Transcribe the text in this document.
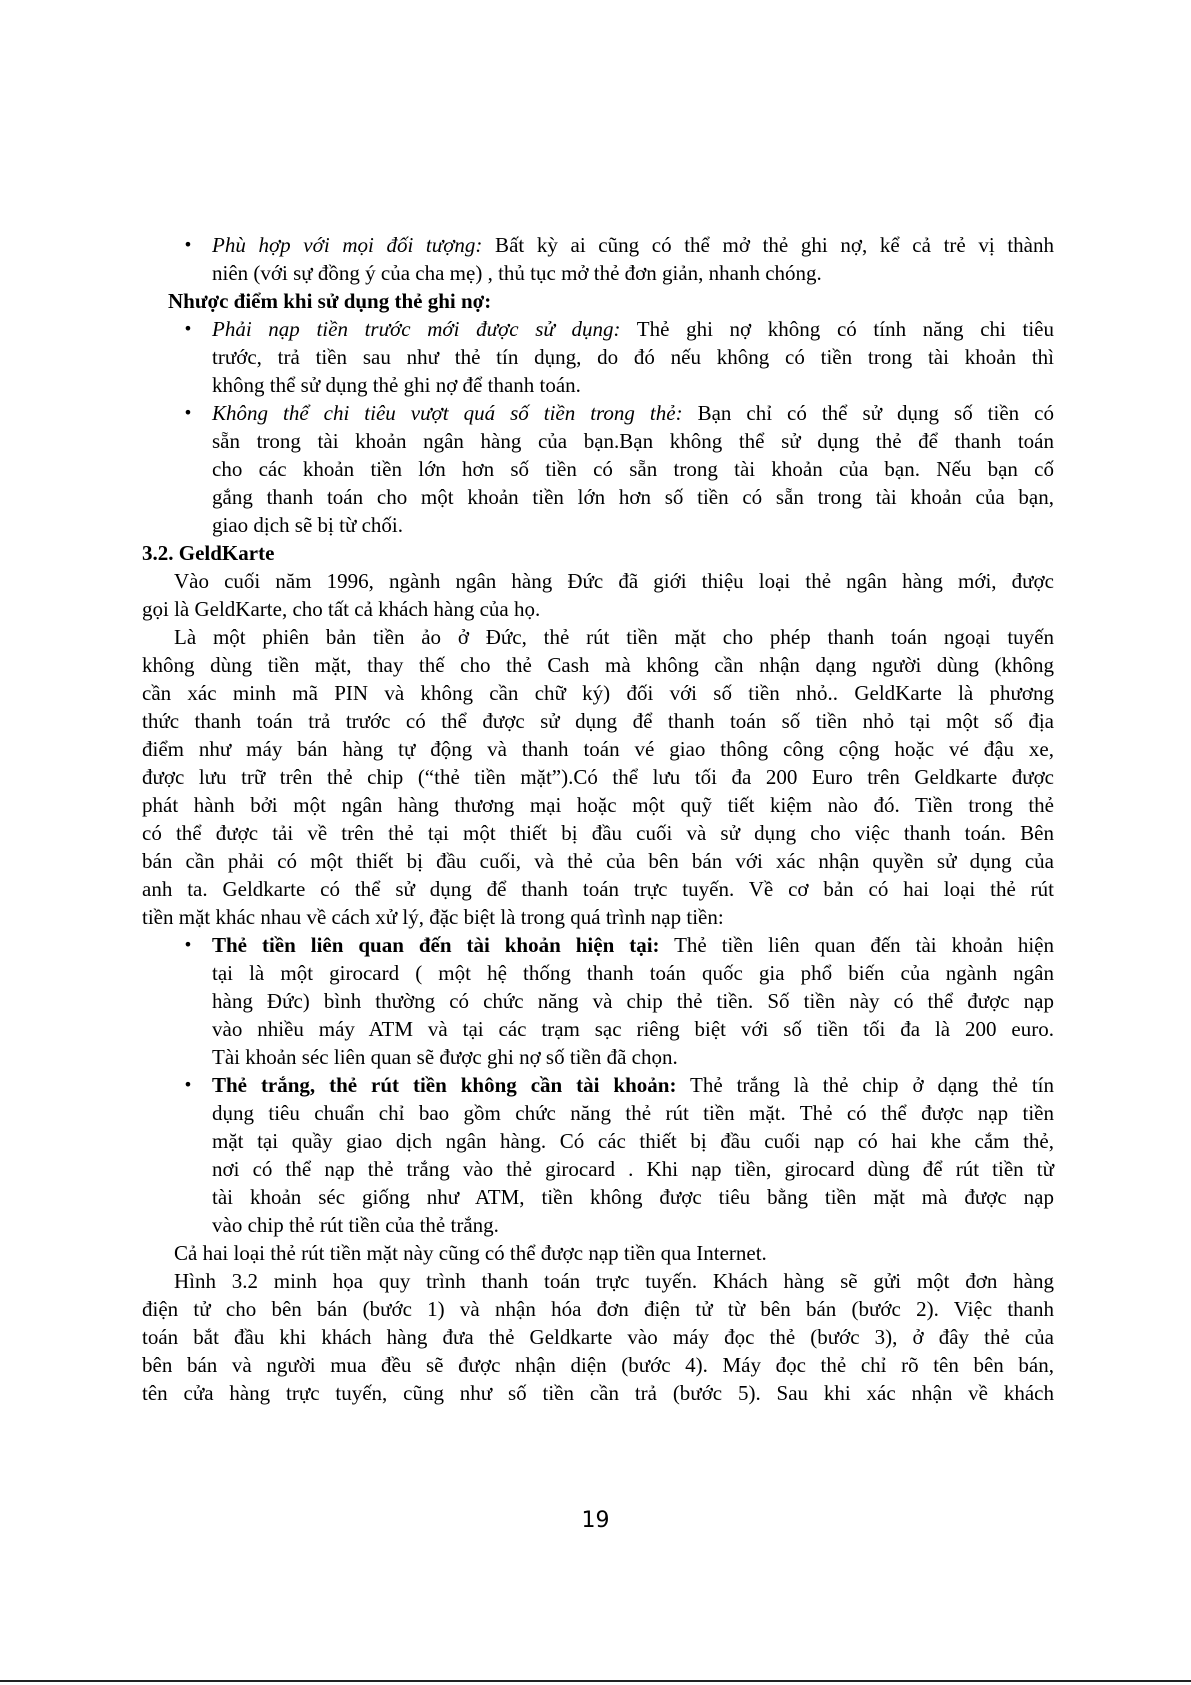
• Phù hợp với mọi đối tượng: Bất kỳ ai cũng có thể mở thẻ ghi nợ, kể cả trẻ vị thành

niên (với sự đồng ý của cha mẹ) , thủ tục mở thẻ đơn giản, nhanh chóng.

Nhược điểm khi sử dụng thẻ ghi nợ:

• Phải nạp tiền trước mới được sử dụng: Thẻ ghi nợ không có tính năng chi tiêu

trước, trả tiền sau như thẻ tín dụng, do đó nếu không có tiền trong tài khoản thì

không thể sử dụng thẻ ghi nợ để thanh toán.

• Không thể chi tiêu vượt quá số tiền trong thẻ: Bạn chỉ có thể sử dụng số tiền có

sẵn trong tài khoản ngân hàng của bạn.Bạn không thể sử dụng thẻ để thanh toán

cho các khoản tiền lớn hơn số tiền có sẵn trong tài khoản của bạn. Nếu bạn cố

gắng thanh toán cho một khoản tiền lớn hơn số tiền có sẵn trong tài khoản của bạn,

giao dịch sẽ bị từ chối.

3.2. GeldKarte

Vào cuối năm 1996, ngành ngân hàng Đức đã giới thiệu loại thẻ ngân hàng mới, được

gọi là GeldKarte, cho tất cả khách hàng của họ.

Là một phiên bản tiền ảo ở Đức, thẻ rút tiền mặt cho phép thanh toán ngoại tuyến

không dùng tiền mặt, thay thế cho thẻ Cash mà không cần nhận dạng người dùng (không

cần xác minh mã PIN và không cần chữ ký) đối với số tiền nhỏ.. GeldKarte là phương

thức thanh toán trả trước có thể được sử dụng để thanh toán số tiền nhỏ tại một số địa

điểm như máy bán hàng tự động và thanh toán vé giao thông công cộng hoặc vé đậu xe,

được lưu trữ trên thẻ chip (“thẻ tiền mặt”).Có thể lưu tối đa 200 Euro trên Geldkarte được

phát hành bởi một ngân hàng thương mại hoặc một quỹ tiết kiệm nào đó. Tiền trong thẻ

có thể được tải về trên thẻ tại một thiết bị đầu cuối và sử dụng cho việc thanh toán. Bên

bán cần phải có một thiết bị đầu cuối, và thẻ của bên bán với xác nhận quyền sử dụng của

anh ta. Geldkarte có thể sử dụng để thanh toán trực tuyến. Về cơ bản có hai loại thẻ rút

tiền mặt khác nhau về cách xử lý, đặc biệt là trong quá trình nạp tiền:

• Thẻ tiền liên quan đến tài khoản hiện tại: Thẻ tiền liên quan đến tài khoản hiện

tại là một girocard ( một hệ thống thanh toán quốc gia phổ biến của ngành ngân

hàng Đức) bình thường có chức năng và chip thẻ tiền. Số tiền này có thể được nạp

vào nhiều máy ATM và tại các trạm sạc riêng biệt với số tiền tối đa là 200 euro.

Tài khoản séc liên quan sẽ được ghi nợ số tiền đã chọn.

• Thẻ trắng, thẻ rút tiền không cần tài khoản: Thẻ trắng là thẻ chip ở dạng thẻ tín

dụng tiêu chuẩn chỉ bao gồm chức năng thẻ rút tiền mặt. Thẻ có thể được nạp tiền

mặt tại quầy giao dịch ngân hàng. Có các thiết bị đầu cuối nạp có hai khe cắm thẻ,

nơi có thể nạp thẻ trắng vào thẻ girocard . Khi nạp tiền, girocard dùng để rút tiền từ

tài khoản séc giống như ATM, tiền không được tiêu bằng tiền mặt mà được nạp

vào chip thẻ rút tiền của thẻ trắng.

Cả hai loại thẻ rút tiền mặt này cũng có thể được nạp tiền qua Internet.

Hình 3.2 minh họa quy trình thanh toán trực tuyến. Khách hàng sẽ gửi một đơn hàng

điện tử cho bên bán (bước 1) và nhận hóa đơn điện tử từ bên bán (bước 2). Việc thanh

toán bắt đầu khi khách hàng đưa thẻ Geldkarte vào máy đọc thẻ (bước 3), ở đây thẻ của

bên bán và người mua đều sẽ được nhận diện (bước 4). Máy đọc thẻ chỉ rõ tên bên bán,

tên cửa hàng trực tuyến, cũng như số tiền cần trả (bước 5). Sau khi xác nhận về khách

19
